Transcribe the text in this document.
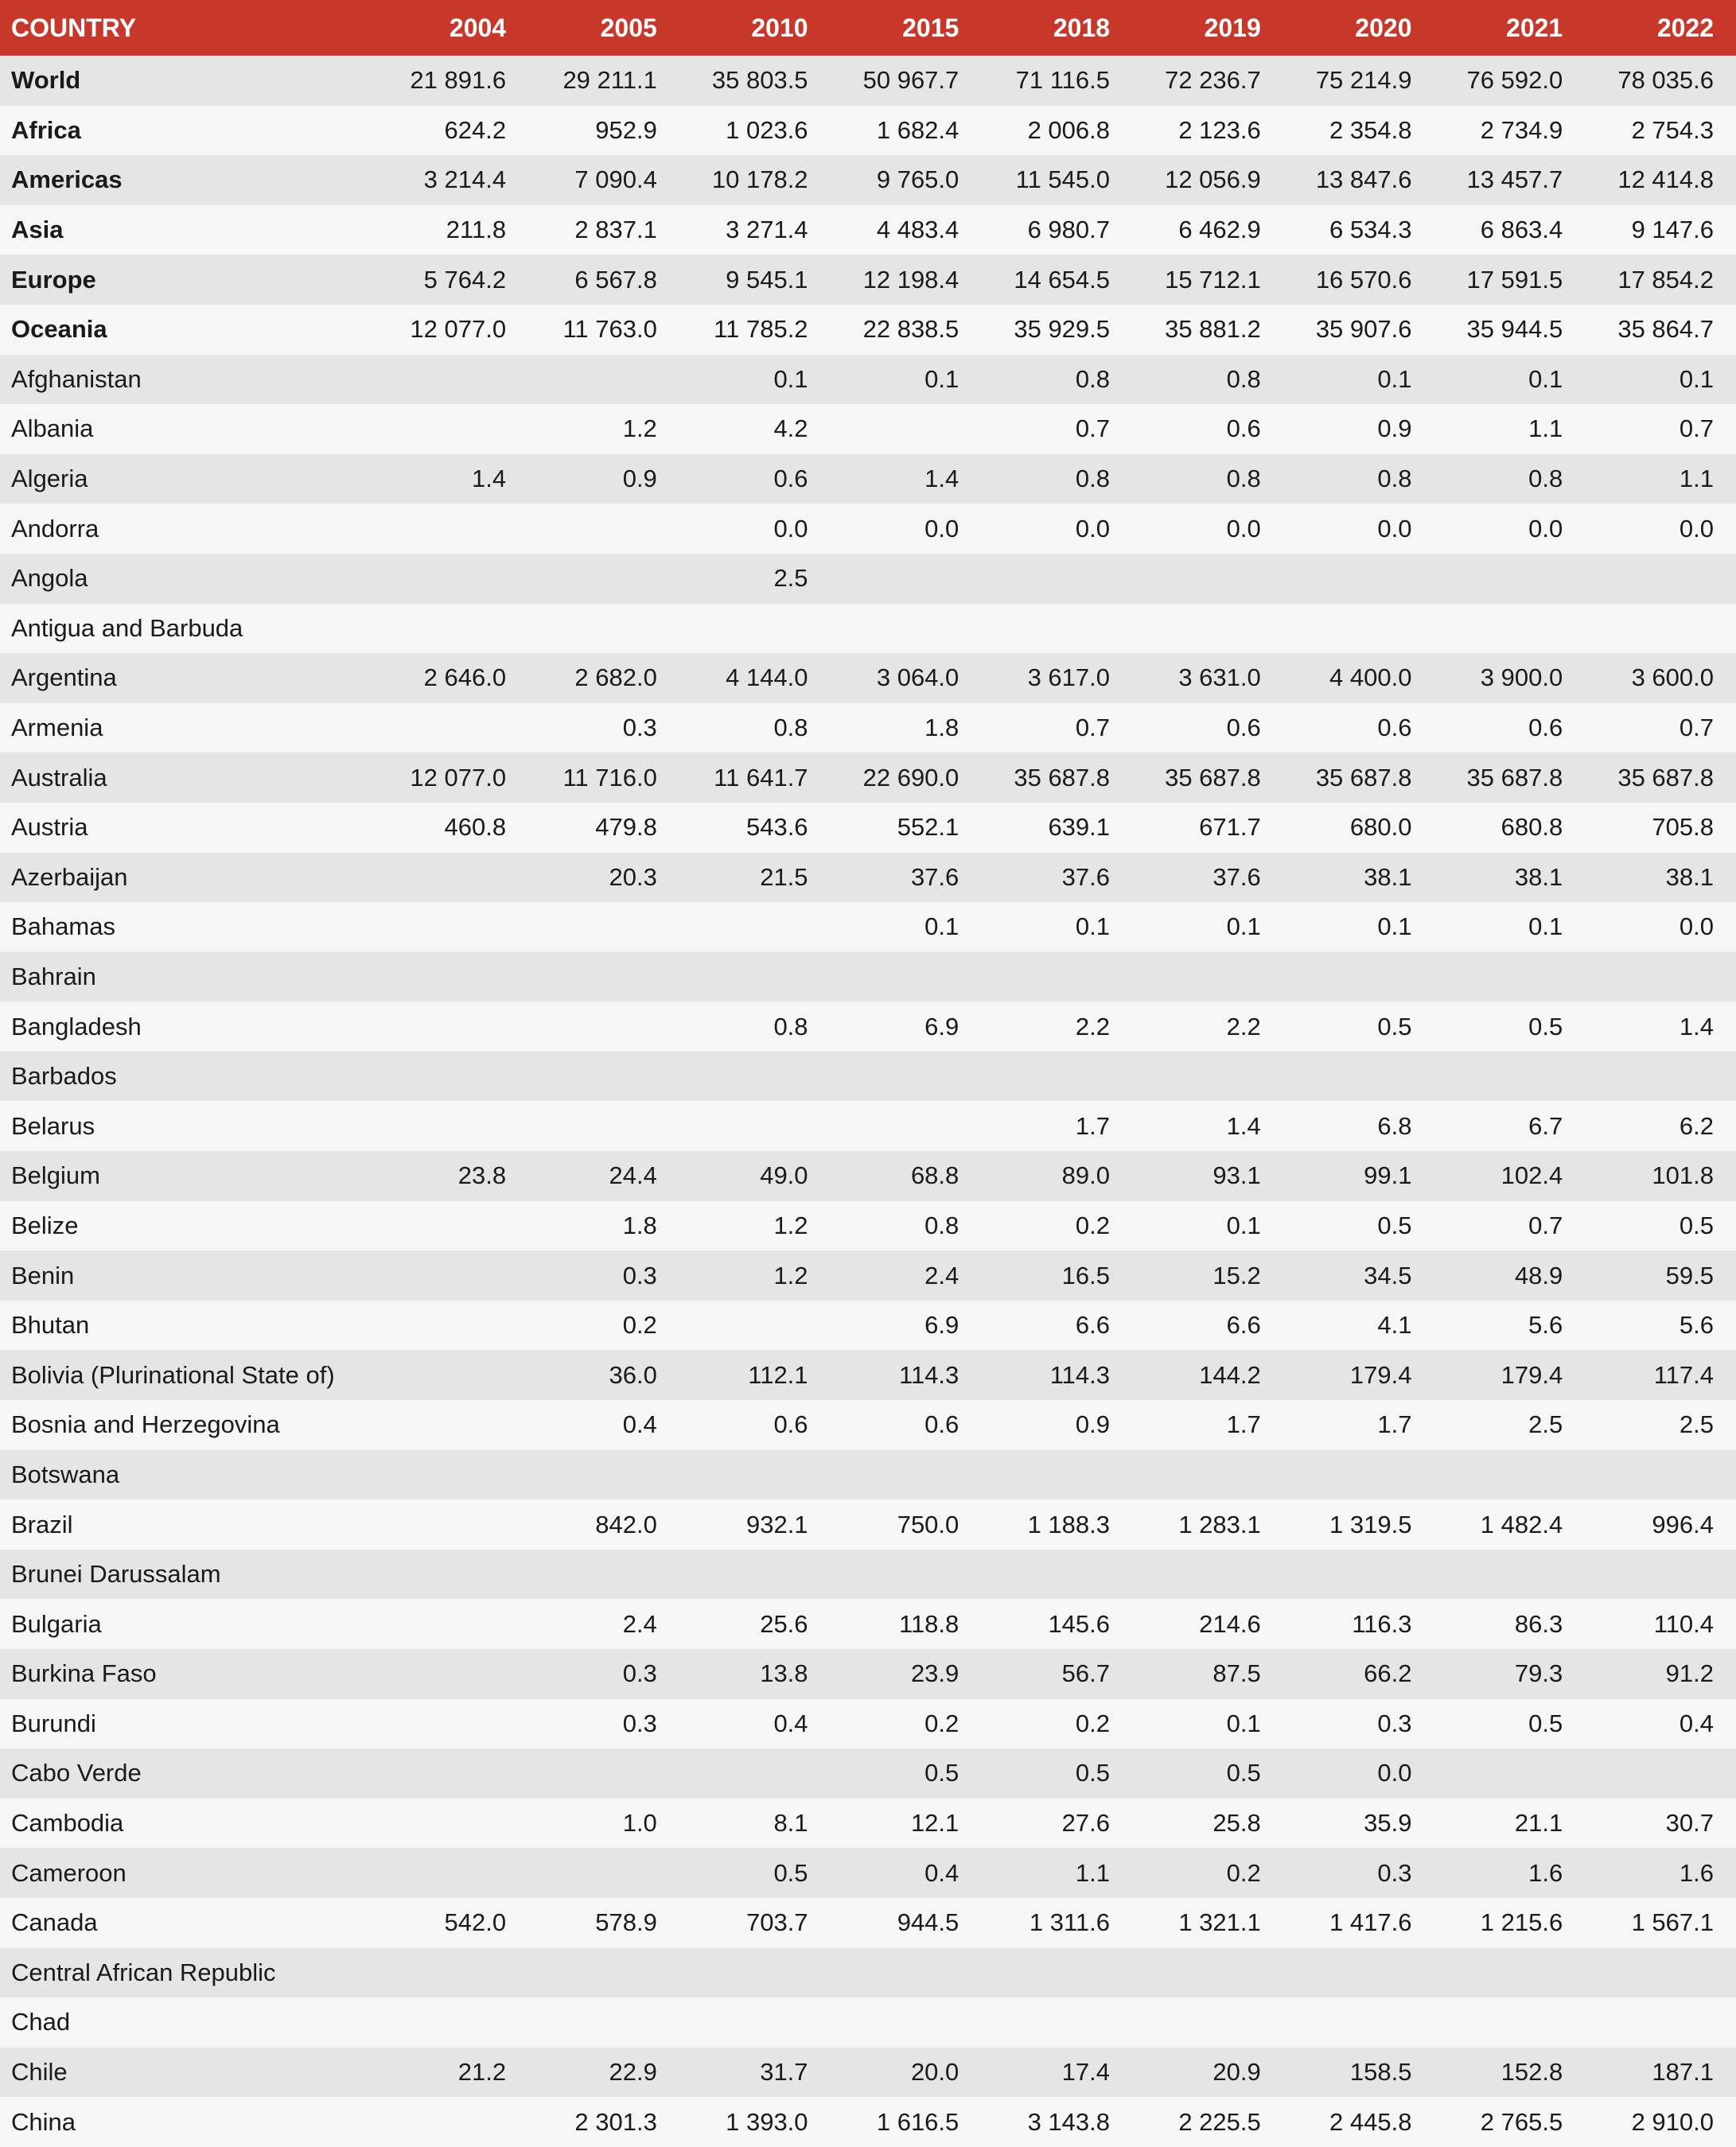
COUNTRY	2004	2005	2010	2015	2018	2019	2020	2021	2022
World	21 891.6	29 211.1	35 803.5	50 967.7	71 116.5	72 236.7	75 214.9	76 592.0	78 035.6
Africa	624.2	952.9	1 023.6	1 682.4	2 006.8	2 123.6	2 354.8	2 734.9	2 754.3
Americas	3 214.4	7 090.4	10 178.2	9 765.0	11 545.0	12 056.9	13 847.6	13 457.7	12 414.8
Asia	211.8	2 837.1	3 271.4	4 483.4	6 980.7	6 462.9	6 534.3	6 863.4	9 147.6
Europe	5 764.2	6 567.8	9 545.1	12 198.4	14 654.5	15 712.1	16 570.6	17 591.5	17 854.2
Oceania	12 077.0	11 763.0	11 785.2	22 838.5	35 929.5	35 881.2	35 907.6	35 944.5	35 864.7
Afghanistan			0.1	0.1	0.8	0.8	0.1	0.1	0.1
Albania		1.2	4.2		0.7	0.6	0.9	1.1	0.7
Algeria	1.4	0.9	0.6	1.4	0.8	0.8	0.8	0.8	1.1
Andorra			0.0	0.0	0.0	0.0	0.0	0.0	0.0
Angola			2.5						
Antigua and Barbuda									
Argentina	2 646.0	2 682.0	4 144.0	3 064.0	3 617.0	3 631.0	4 400.0	3 900.0	3 600.0
Armenia		0.3	0.8	1.8	0.7	0.6	0.6	0.6	0.7
Australia	12 077.0	11 716.0	11 641.7	22 690.0	35 687.8	35 687.8	35 687.8	35 687.8	35 687.8
Austria	460.8	479.8	543.6	552.1	639.1	671.7	680.0	680.8	705.8
Azerbaijan		20.3	21.5	37.6	37.6	37.6	38.1	38.1	38.1
Bahamas				0.1	0.1	0.1	0.1	0.1	0.0
Bahrain									
Bangladesh			0.8	6.9	2.2	2.2	0.5	0.5	1.4
Barbados									
Belarus					1.7	1.4	6.8	6.7	6.2
Belgium	23.8	24.4	49.0	68.8	89.0	93.1	99.1	102.4	101.8
Belize		1.8	1.2	0.8	0.2	0.1	0.5	0.7	0.5
Benin		0.3	1.2	2.4	16.5	15.2	34.5	48.9	59.5
Bhutan		0.2		6.9	6.6	6.6	4.1	5.6	5.6
Bolivia (Plurinational State of)		36.0	112.1	114.3	114.3	144.2	179.4	179.4	117.4
Bosnia and Herzegovina		0.4	0.6	0.6	0.9	1.7	1.7	2.5	2.5
Botswana									
Brazil		842.0	932.1	750.0	1 188.3	1 283.1	1 319.5	1 482.4	996.4
Brunei Darussalam									
Bulgaria		2.4	25.6	118.8	145.6	214.6	116.3	86.3	110.4
Burkina Faso		0.3	13.8	23.9	56.7	87.5	66.2	79.3	91.2
Burundi		0.3	0.4	0.2	0.2	0.1	0.3	0.5	0.4
Cabo Verde				0.5	0.5	0.5	0.0		
Cambodia		1.0	8.1	12.1	27.6	25.8	35.9	21.1	30.7
Cameroon			0.5	0.4	1.1	0.2	0.3	1.6	1.6
Canada	542.0	578.9	703.7	944.5	1 311.6	1 321.1	1 417.6	1 215.6	1 567.1
Central African Republic									
Chad									
Chile	21.2	22.9	31.7	20.0	17.4	20.9	158.5	152.8	187.1
China		2 301.3	1 393.0	1 616.5	3 143.8	2 225.5	2 445.8	2 765.5	2 910.0
